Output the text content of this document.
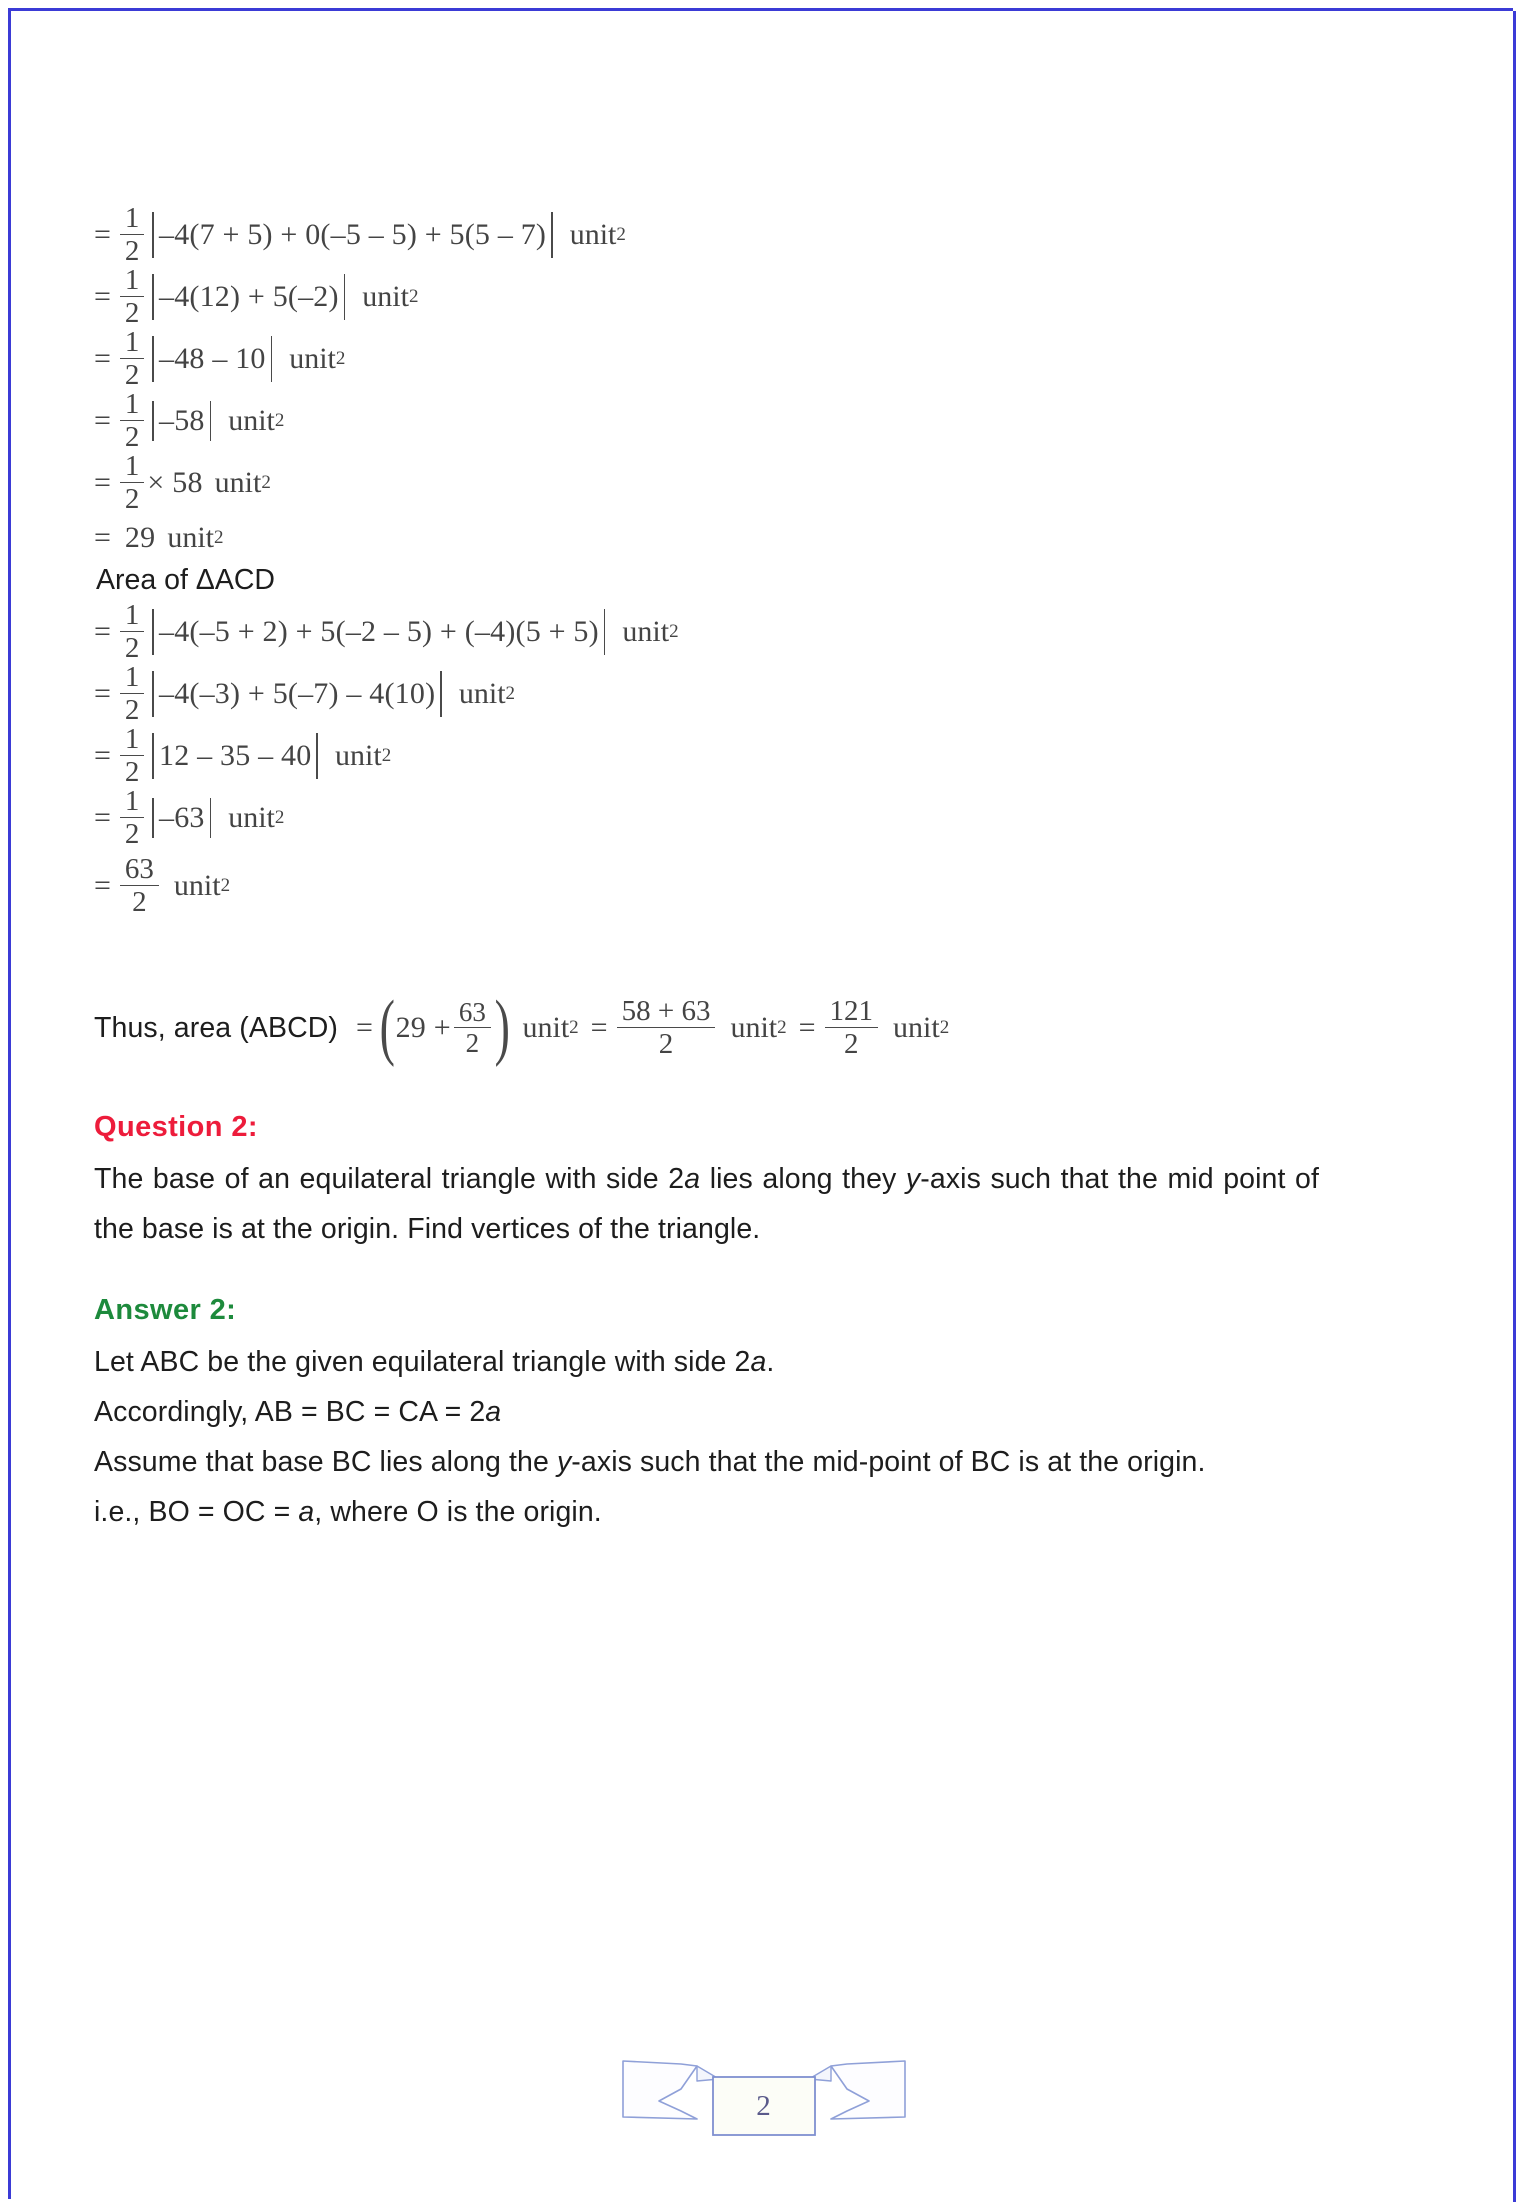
= $\frac{1}{2} -4(7 + 5) + 0(-5 - 5) + 5(5 - 7)$ unit 2
= $\frac{1}{2} -4(12) + 5(-2)$ unit 2
= $\frac{1}{2} -48 - 10$ unit 2
= $\frac{1}{2} -58$ unit 2
= $\frac{1}{2} \times 58$ unit 2
= 29 unit 2
Area of ΔACD
= $\frac{1}{2} -4(-5 + 2) + 5(-2 - 5) + (-4)(5 + 5)$ unit 2
= $\frac{1}{2} -4(-3) + 5(-7) - 4(10)$ unit 2
= $\frac{1}{2} 12 - 35 - 40$ unit 2
= $\frac{1}{2} -63$ unit 2
= $\frac{63}{2}$ unit 2
Thus, area (ABCD) = ( $29 + \frac{63}{2}$ ) unit $2 = \frac{58 + 63}{2}$ unit $2 = \frac{121}{2}$ unit 2
Question 2:
The base of an equilateral triangle with side 2a lies along they y-axis such that the mid point of the base is at the origin. Find vertices of the triangle.
Answer 2:
Let ABC be the given equilateral triangle with side 2a.
Accordingly, AB = BC = CA = 2a
Assume that base BC lies along the y-axis such that the mid-point of BC is at the origin.
i.e., BO = OC = a, where O is the origin.
2
